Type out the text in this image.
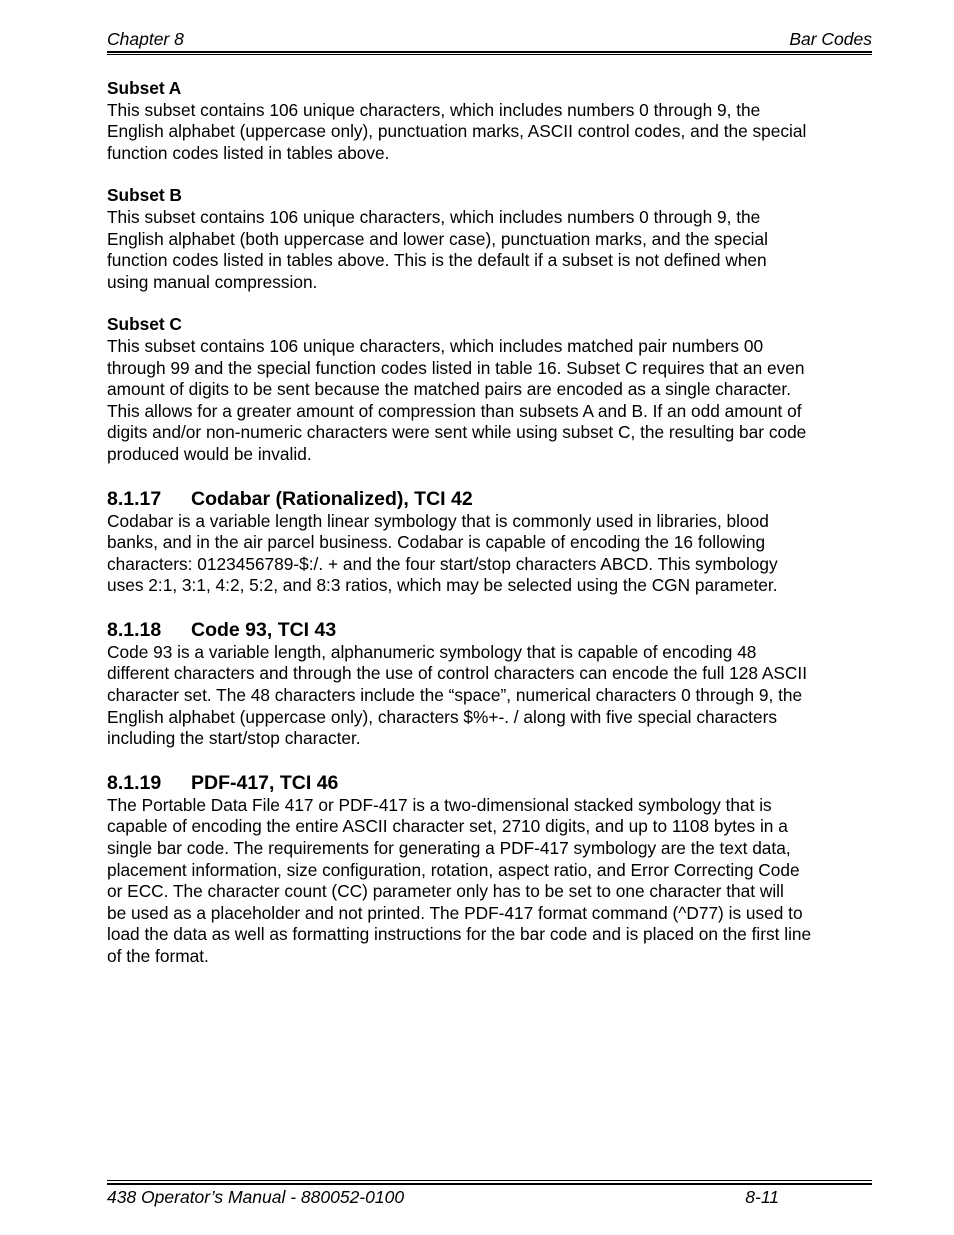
Chapter 8	Bar Codes

Subset A

This subset contains 106 unique characters, which includes numbers 0 through 9, the
English alphabet (uppercase only), punctuation marks, ASCII control codes, and the special
function codes listed in tables above.

Subset B

This subset contains 106 unique characters, which includes numbers 0 through 9, the
English alphabet (both uppercase and lower case), punctuation marks, and the special
function codes listed in tables above. This is the default if a subset is not defined when
using manual compression.

Subset C

This subset contains 106 unique characters, which includes matched pair numbers 00
through 99 and the special function codes listed in table 16. Subset C requires that an even
amount of digits to be sent because the matched pairs are encoded as a single character.
This allows for a greater amount of compression than subsets A and B. If an odd amount of
digits and/or non-numeric characters were sent while using subset C, the resulting bar code
produced would be invalid.

8.1.17 Codabar (Rationalized), TCI 42

Codabar is a variable length linear symbology that is commonly used in libraries, blood
banks, and in the air parcel business. Codabar is capable of encoding the 16 following
characters: 0123456789-$:/. + and the four start/stop characters ABCD. This symbology
uses 2:1, 3:1, 4:2, 5:2, and 8:3 ratios, which may be selected using the CGN parameter.

8.1.18 Code 93, TCI 43

Code 93 is a variable length, alphanumeric symbology that is capable of encoding 48
different characters and through the use of control characters can encode the full 128 ASCII
character set. The 48 characters include the “space”, numerical characters 0 through 9, the
English alphabet (uppercase only), characters $%+-. / along with five special characters
including the start/stop character.

8.1.19 PDF-417, TCI 46

The Portable Data File 417 or PDF-417 is a two-dimensional stacked symbology that is
capable of encoding the entire ASCII character set, 2710 digits, and up to 1108 bytes in a
single bar code. The requirements for generating a PDF-417 symbology are the text data,
placement information, size configuration, rotation, aspect ratio, and Error Correcting Code
or ECC. The character count (CC) parameter only has to be set to one character that will
be used as a placeholder and not printed. The PDF-417 format command (^D77) is used to
load the data as well as formatting instructions for the bar code and is placed on the first line
of the format.

438 Operator’s Manual - 880052-0100	8-11
